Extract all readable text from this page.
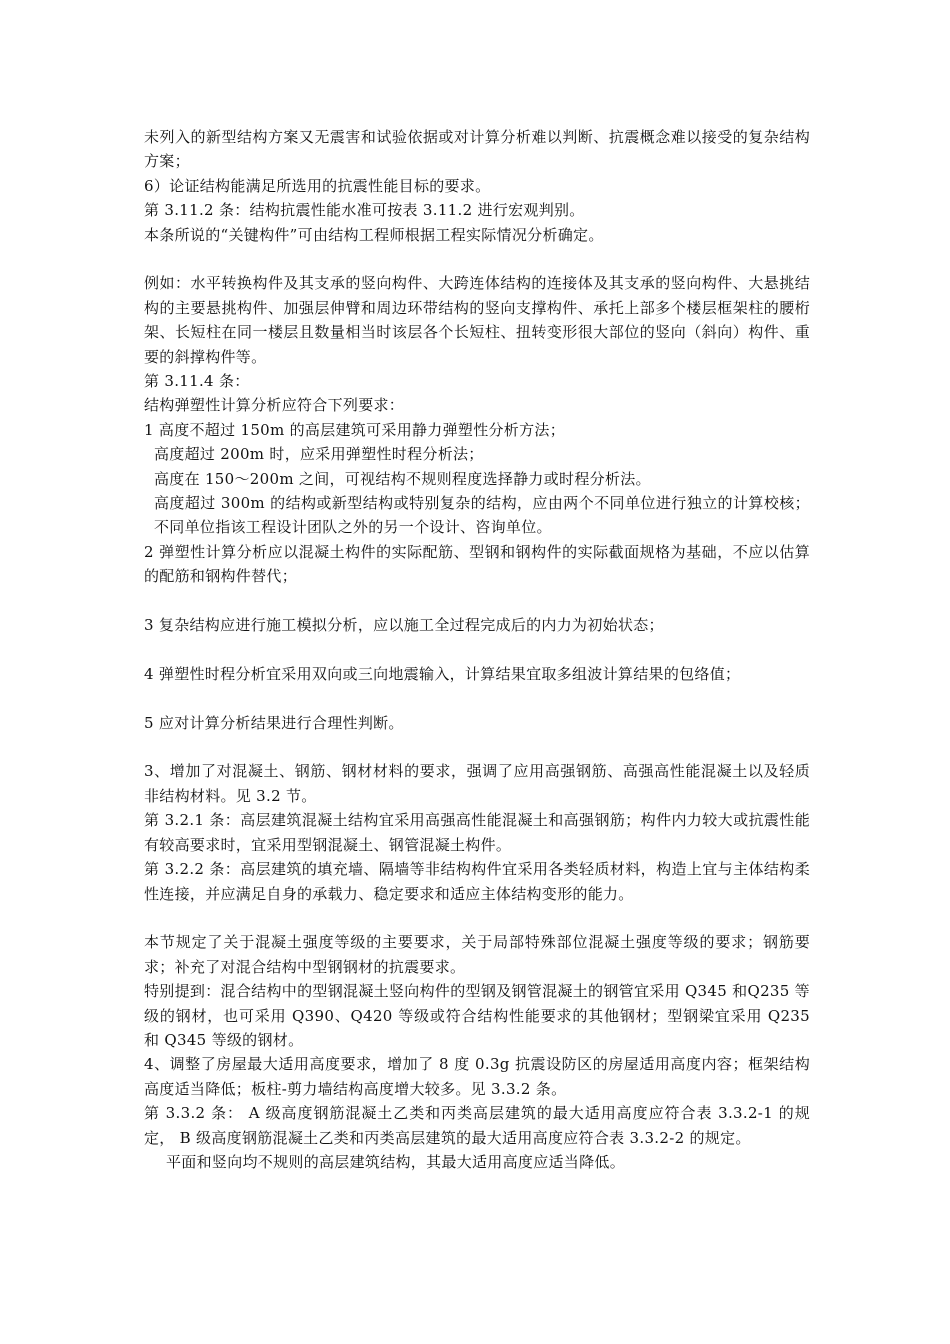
未列入的新型结构方案又无震害和试验依据或对计算分析难以判断、抗震概念难以接受的复杂结构方案；

6）论证结构能满足所选用的抗震性能目标的要求。

第 3.11.2 条：结构抗震性能水准可按表 3.11.2 进行宏观判别。

本条所说的“关键构件”可由结构工程师根据工程实际情况分析确定。

例如：水平转换构件及其支承的竖向构件、大跨连体结构的连接体及其支承的竖向构件、大悬挑结构的主要悬挑构件、加强层伸臂和周边环带结构的竖向支撑构件、承托上部多个楼层框架柱的腰桁架、长短柱在同一楼层且数量相当时该层各个长短柱、扭转变形很大部位的竖向（斜向）构件、重要的斜撑构件等。

第 3.11.4 条：

结构弹塑性计算分析应符合下列要求：

1 高度不超过 150m 的高层建筑可采用静力弹塑性分析方法；

高度超过 200m 时，应采用弹塑性时程分析法；

高度在 150～200m 之间，可视结构不规则程度选择静力或时程分析法。

高度超过 300m 的结构或新型结构或特别复杂的结构，应由两个不同单位进行独立的计算校核；不同单位指该工程设计团队之外的另一个设计、咨询单位。

2 弹塑性计算分析应以混凝土构件的实际配筋、型钢和钢构件的实际截面规格为基础，不应以估算的配筋和钢构件替代；

3 复杂结构应进行施工模拟分析，应以施工全过程完成后的内力为初始状态；

4 弹塑性时程分析宜采用双向或三向地震输入，计算结果宜取多组波计算结果的包络值；

5 应对计算分析结果进行合理性判断。

3、增加了对混凝土、钢筋、钢材材料的要求，强调了应用高强钢筋、高强高性能混凝土以及轻质非结构材料。见 3.2 节。

第 3.2.1 条：高层建筑混凝土结构宜采用高强高性能混凝土和高强钢筋；构件内力较大或抗震性能有较高要求时，宜采用型钢混凝土、钢管混凝土构件。

第 3.2.2 条：高层建筑的填充墙、隔墙等非结构构件宜采用各类轻质材料，构造上宜与主体结构柔性连接，并应满足自身的承载力、稳定要求和适应主体结构变形的能力。

本节规定了关于混凝土强度等级的主要要求，关于局部特殊部位混凝土强度等级的要求；钢筋要求；补充了对混合结构中型钢钢材的抗震要求。

特别提到：混合结构中的型钢混凝土竖向构件的型钢及钢管混凝土的钢管宜采用 Q345 和Q235 等级的钢材，也可采用 Q390、Q420 等级或符合结构性能要求的其他钢材；型钢梁宜采用 Q235 和 Q345 等级的钢材。

4、调整了房屋最大适用高度要求，增加了 8 度 0.3g 抗震设防区的房屋适用高度内容；框架结构高度适当降低；板柱-剪力墙结构高度增大较多。见 3.3.2 条。

第 3.3.2 条： A 级高度钢筋混凝土乙类和丙类高层建筑的最大适用高度应符合表 3.3.2-1 的规定， B 级高度钢筋混凝土乙类和丙类高层建筑的最大适用高度应符合表 3.3.2-2 的规定。

平面和竖向均不规则的高层建筑结构，其最大适用高度应适当降低。
